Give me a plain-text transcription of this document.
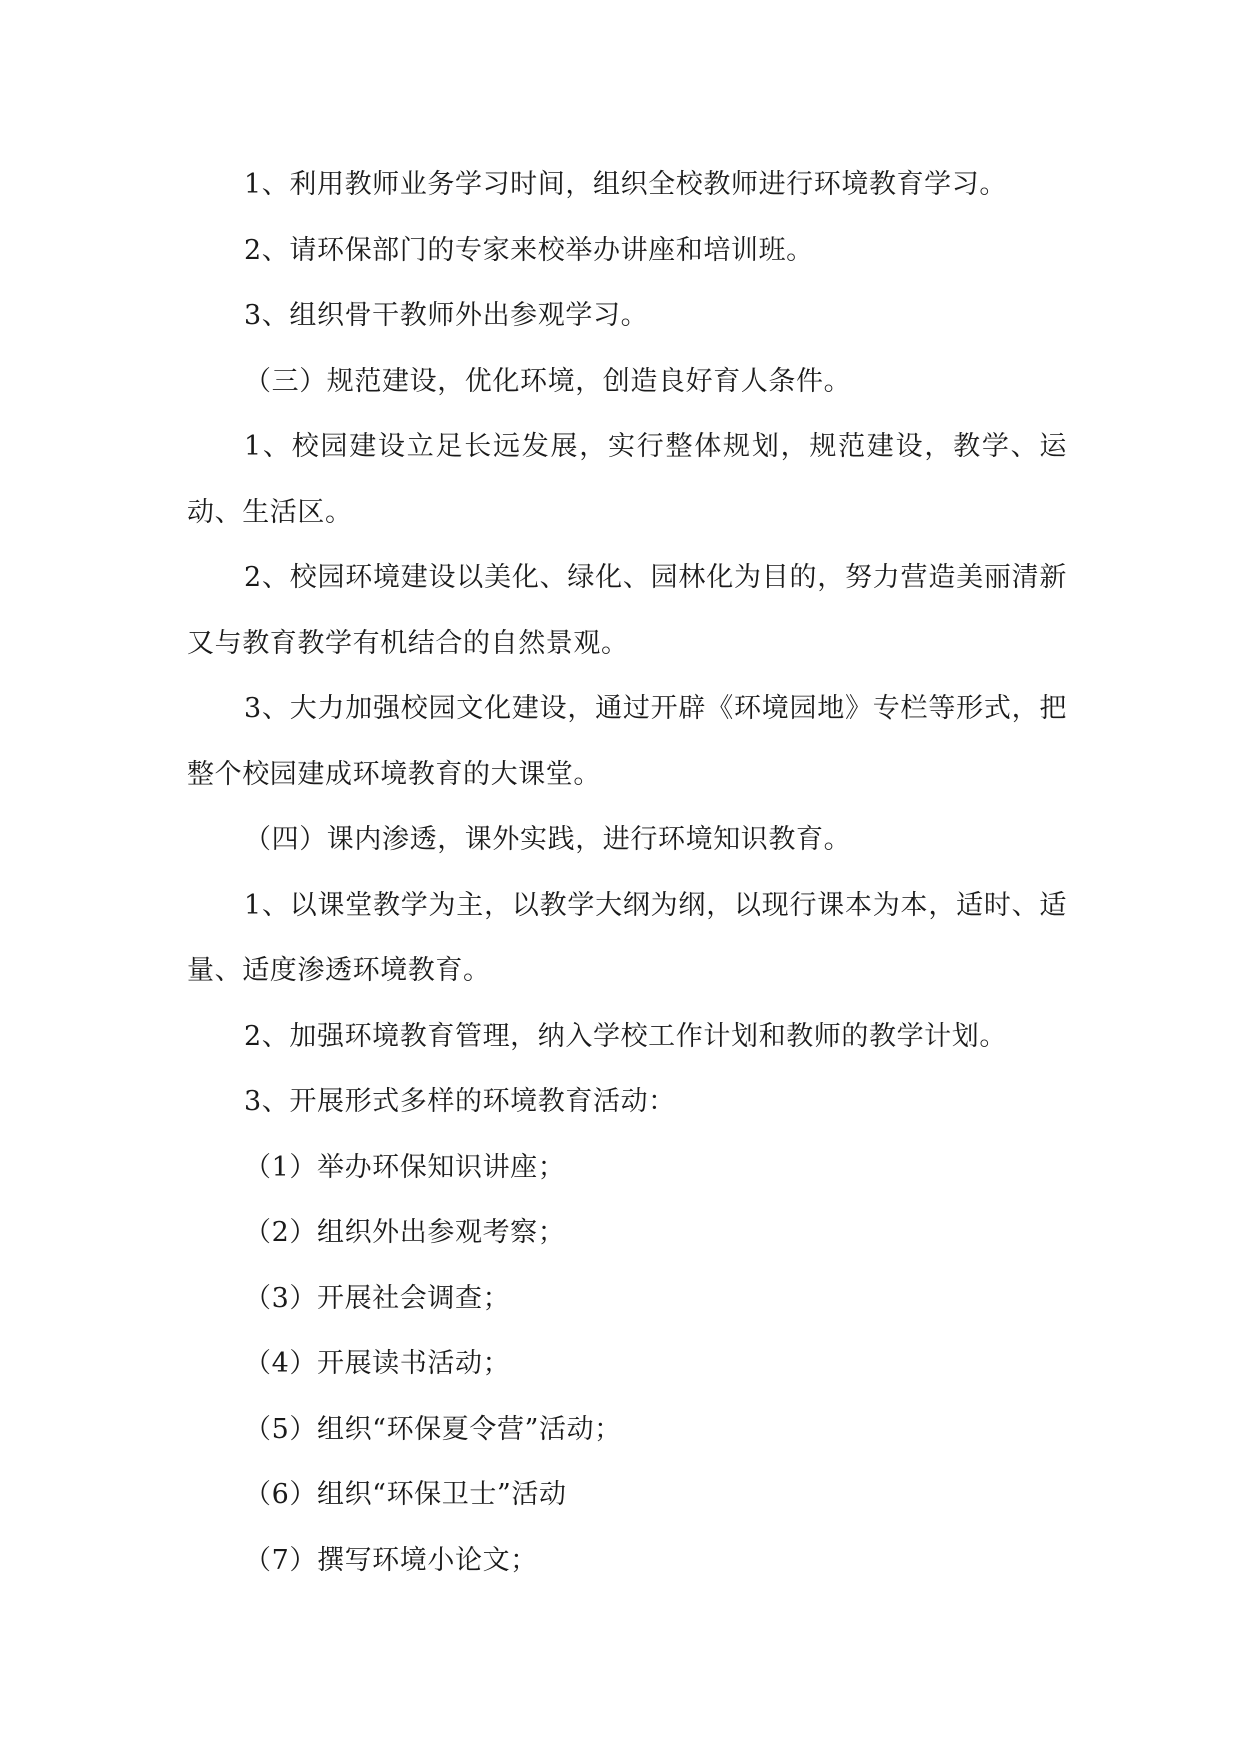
1、利用教师业务学习时间，组织全校教师进行环境教育学习。

2、请环保部门的专家来校举办讲座和培训班。

3、组织骨干教师外出参观学习。

（三）规范建设，优化环境，创造良好育人条件。

1、校园建设立足长远发展，实行整体规划，规范建设，教学、运动、生活区。

2、校园环境建设以美化、绿化、园林化为目的，努力营造美丽清新又与教育教学有机结合的自然景观。

3、大力加强校园文化建设，通过开辟《环境园地》专栏等形式，把整个校园建成环境教育的大课堂。

（四）课内渗透，课外实践，进行环境知识教育。

1、以课堂教学为主，以教学大纲为纲，以现行课本为本，适时、适量、适度渗透环境教育。

2、加强环境教育管理，纳入学校工作计划和教师的教学计划。

3、开展形式多样的环境教育活动：

（1）举办环保知识讲座；

（2）组织外出参观考察；

（3）开展社会调查；

（4）开展读书活动；

（5）组织“环保夏令营”活动；

（6）组织“环保卫士”活动

（7）撰写环境小论文；
